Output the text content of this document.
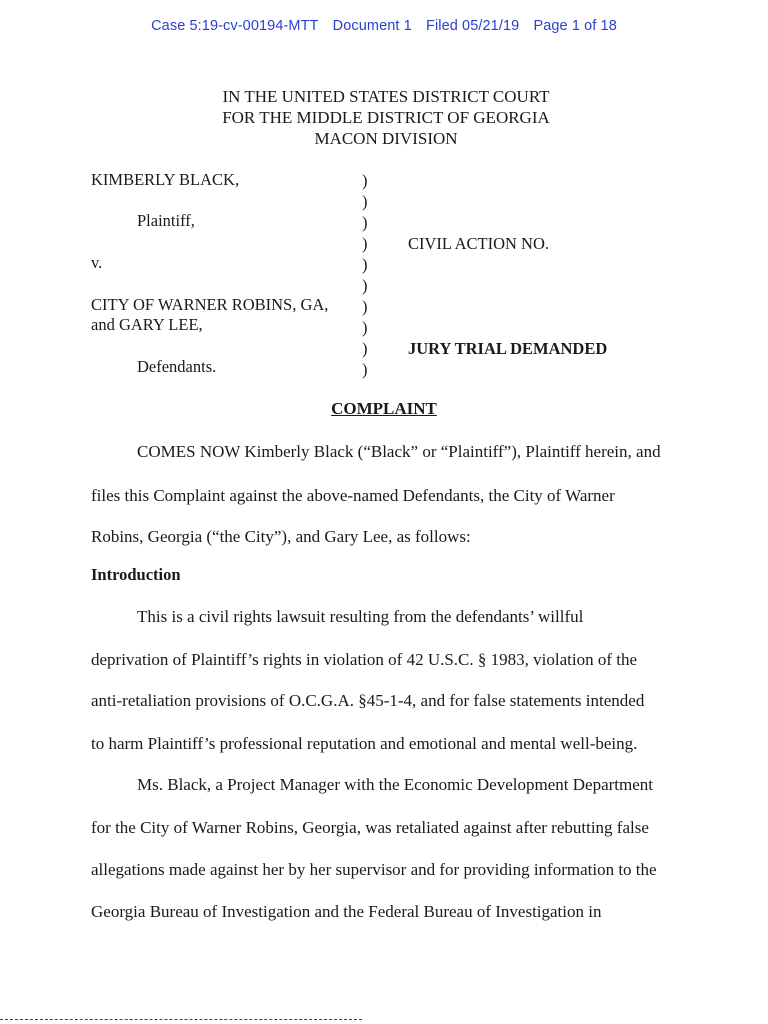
Case 5:19-cv-00194-MTT Document 1 Filed 05/21/19 Page 1 of 18
IN THE UNITED STATES DISTRICT COURT
FOR THE MIDDLE DISTRICT OF GEORGIA
MACON DIVISION
KIMBERLY BLACK,
Plaintiff,
v.
CITY OF WARNER ROBINS, GA,
and GARY LEE,
Defendants.
)
)
)
)
)
)
)
)
)
)
CIVIL ACTION NO.
JURY TRIAL DEMANDED
COMPLAINT
COMES NOW Kimberly Black (“Black” or “Plaintiff”), Plaintiff herein, and
files this Complaint against the above-named Defendants, the City of Warner
Robins, Georgia (“the City”), and Gary Lee, as follows:
Introduction
This is a civil rights lawsuit resulting from the defendants’ willful
deprivation of Plaintiff’s rights in violation of 42 U.S.C. § 1983, violation of the
anti-retaliation provisions of O.C.G.A. §45-1-4, and for false statements intended
to harm Plaintiff’s professional reputation and emotional and mental well-being.
Ms. Black, a Project Manager with the Economic Development Department
for the City of Warner Robins, Georgia, was retaliated against after rebutting false
allegations made against her by her supervisor and for providing information to the
Georgia Bureau of Investigation and the Federal Bureau of Investigation in
